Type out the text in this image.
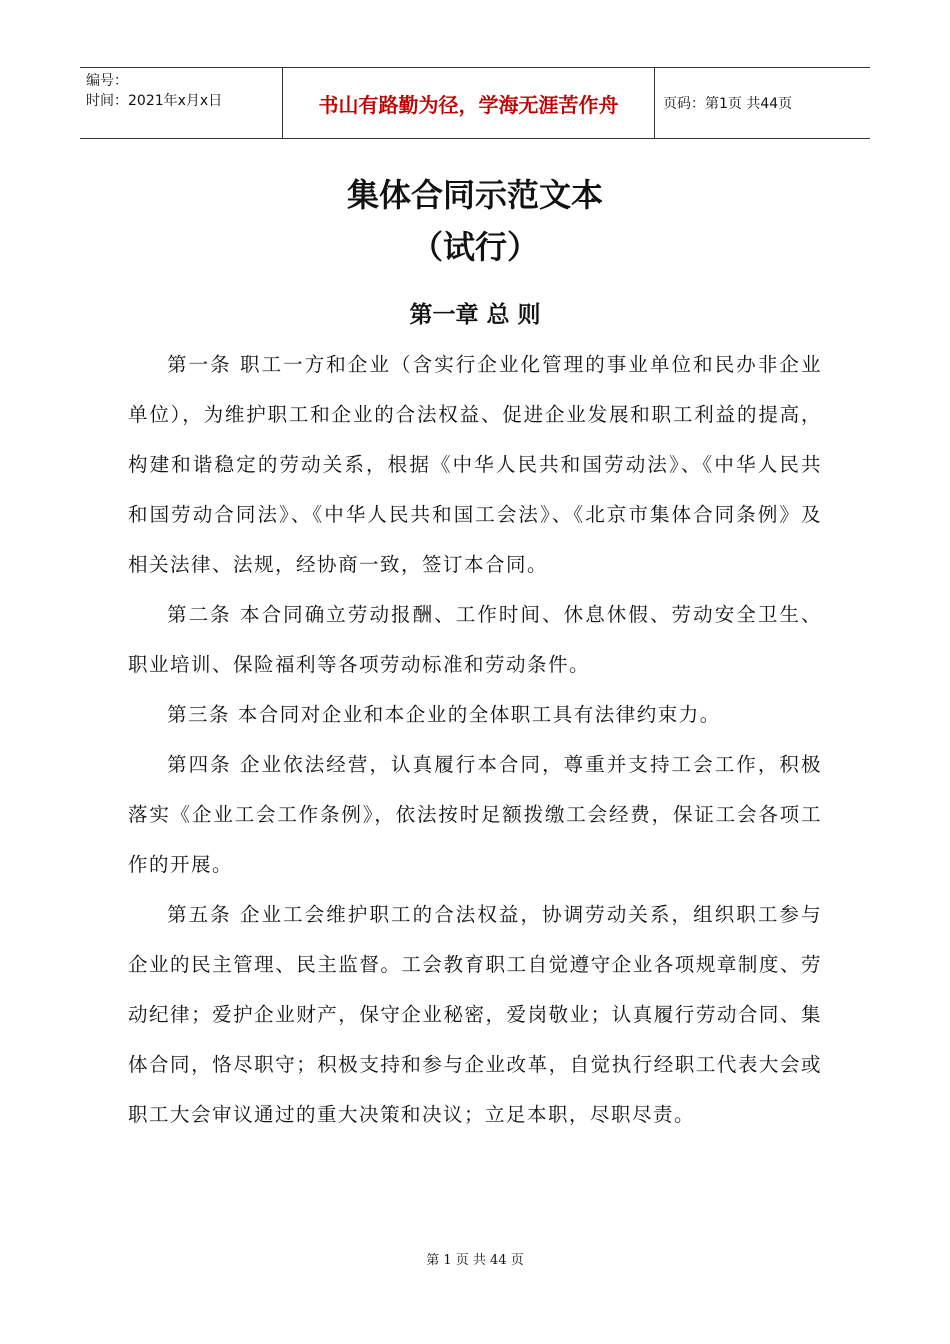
编号：
时间：2021年x月x日	书山有路勤为径，学海无涯苦作舟	页码：第1页 共44页
集体合同示范文本
（试行）
第一章 总 则

第一条 职工一方和企业（含实行企业化管理的事业单位和民办非企业单位），为维护职工和企业的合法权益、促进企业发展和职工利益的提高，构建和谐稳定的劳动关系，根据《中华人民共和国劳动法》、《中华人民共和国劳动合同法》、《中华人民共和国工会法》、《北京市集体合同条例》及相关法律、法规，经协商一致，签订本合同。

第二条 本合同确立劳动报酬、工作时间、休息休假、劳动安全卫生、职业培训、保险福利等各项劳动标准和劳动条件。

第三条 本合同对企业和本企业的全体职工具有法律约束力。

第四条 企业依法经营，认真履行本合同，尊重并支持工会工作，积极落实《企业工会工作条例》，依法按时足额拨缴工会经费，保证工会各项工作的开展。

第五条 企业工会维护职工的合法权益，协调劳动关系，组织职工参与企业的民主管理、民主监督。工会教育职工自觉遵守企业各项规章制度、劳动纪律；爱护企业财产，保守企业秘密，爱岗敬业；认真履行劳动合同、集体合同，恪尽职守；积极支持和参与企业改革，自觉执行经职工代表大会或职工大会审议通过的重大决策和决议；立足本职，尽职尽责。

第 1 页 共 44 页
